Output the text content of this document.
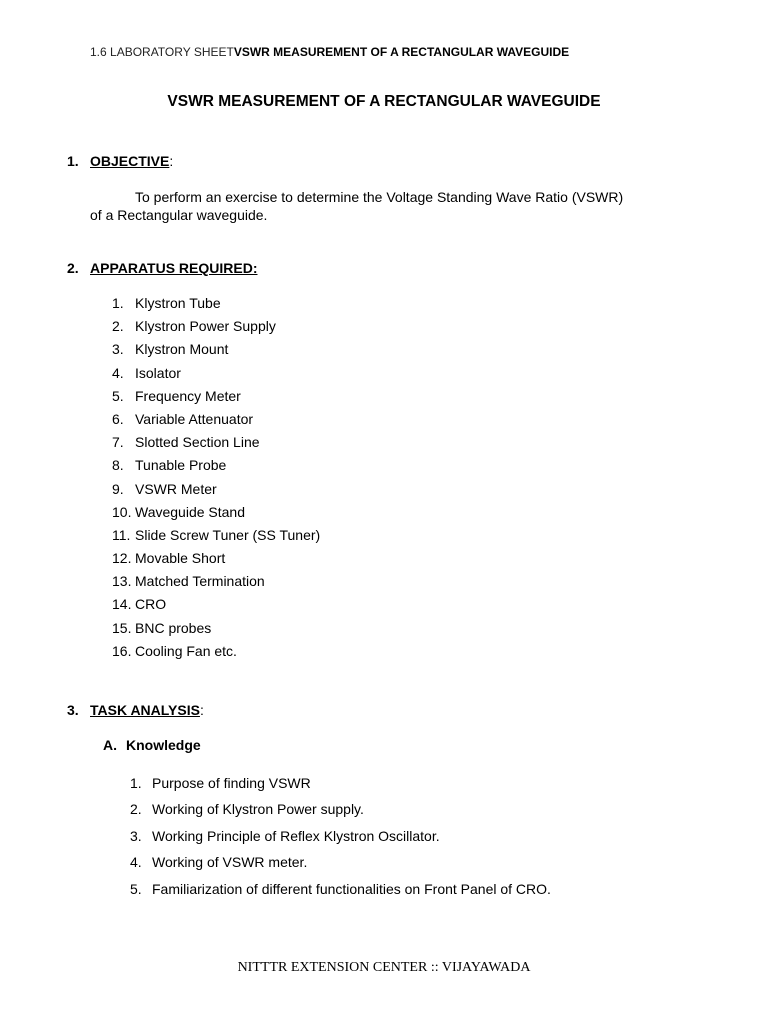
1.6 LABORATORY SHEETVSWR MEASUREMENT OF A RECTANGULAR WAVEGUIDE
VSWR MEASUREMENT OF A RECTANGULAR WAVEGUIDE
1. OBJECTIVE:
To perform an exercise to determine the Voltage Standing Wave Ratio (VSWR)
of a Rectangular waveguide.
2. APPARATUS REQUIRED:
1. Klystron Tube
2. Klystron Power Supply
3. Klystron Mount
4. Isolator
5. Frequency Meter
6. Variable Attenuator
7. Slotted Section Line
8. Tunable Probe
9. VSWR Meter
10. Waveguide Stand
11. Slide Screw Tuner (SS Tuner)
12. Movable Short
13. Matched Termination
14. CRO
15. BNC probes
16. Cooling Fan etc.
3. TASK ANALYSIS:
A. Knowledge
1. Purpose of finding VSWR
2. Working of Klystron Power supply.
3. Working Principle of Reflex Klystron Oscillator.
4. Working of VSWR meter.
5. Familiarization of different functionalities on Front Panel of CRO.
NITTTR EXTENSION CENTER :: VIJAYAWADA
